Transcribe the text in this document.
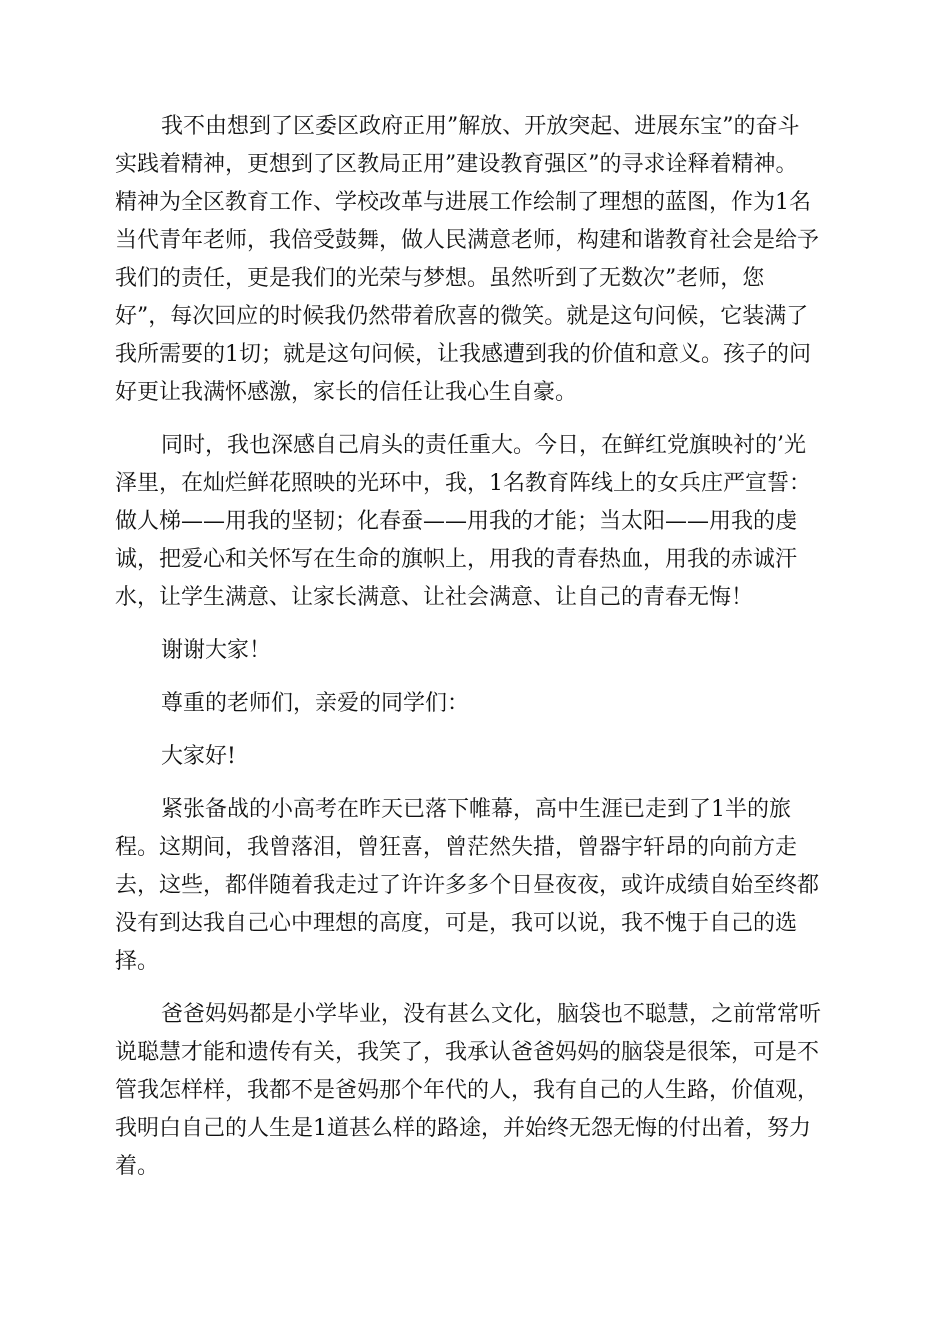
我不由想到了区委区政府正用”解放、开放突起、进展东宝”的奋斗
实践着精神，更想到了区教局正用”建设教育强区”的寻求诠释着精神。
精神为全区教育工作、学校改革与进展工作绘制了理想的蓝图，作为1名
当代青年老师，我倍受鼓舞，做人民满意老师，构建和谐教育社会是给予
我们的责任，更是我们的光荣与梦想。虽然听到了无数次”老师，您
好”，每次回应的时候我仍然带着欣喜的微笑。就是这句问候，它装满了
我所需要的1切；就是这句问候，让我感遭到我的价值和意义。孩子的问
好更让我满怀感激，家长的信任让我心生自豪。
同时，我也深感自己肩头的责任重大。今日，在鲜红党旗映衬的’光
泽里，在灿烂鲜花照映的光环中，我，1名教育阵线上的女兵庄严宣誓：
做人梯——用我的坚韧；化春蚕——用我的才能；当太阳——用我的虔
诚，把爱心和关怀写在生命的旗帜上，用我的青春热血，用我的赤诚汗
水，让学生满意、让家长满意、让社会满意、让自己的青春无悔！
谢谢大家！
尊重的老师们，亲爱的同学们：
大家好!
紧张备战的小高考在昨天已落下帷幕，高中生涯已走到了1半的旅
程。这期间，我曾落泪，曾狂喜，曾茫然失措，曾器宇轩昂的向前方走
去，这些，都伴随着我走过了许许多多个日昼夜夜，或许成绩自始至终都
没有到达我自己心中理想的高度，可是，我可以说，我不愧于自己的选
择。
爸爸妈妈都是小学毕业，没有甚么文化，脑袋也不聪慧，之前常常听
说聪慧才能和遗传有关，我笑了，我承认爸爸妈妈的脑袋是很笨，可是不
管我怎样样，我都不是爸妈那个年代的人，我有自己的人生路，价值观，
我明白自己的人生是1道甚么样的路途，并始终无怨无悔的付出着，努力
着。
